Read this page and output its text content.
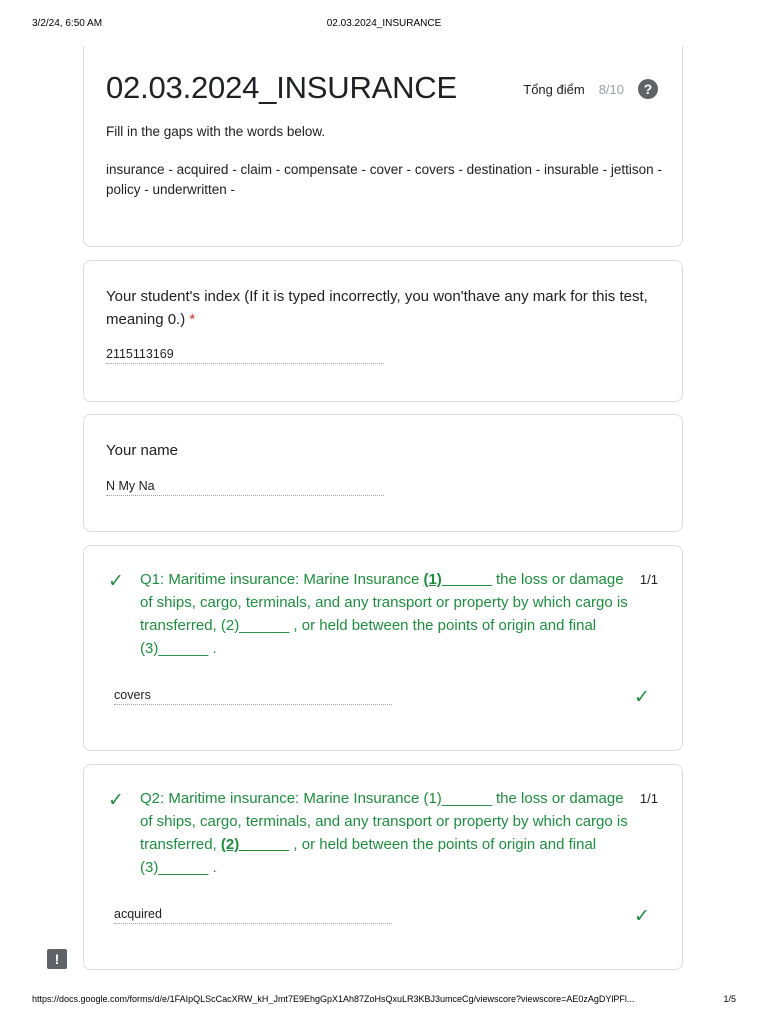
3/2/24, 6:50 AM	02.03.2024_INSURANCE
02.03.2024_INSURANCE	Tổng điểm 8/10	?
Fill in the gaps with the words below.
insurance - acquired - claim - compensate - cover - covers - destination - insurable - jettison - policy - underwritten -
Your student's index (If it is typed incorrectly, you won'thave any mark for this test, meaning 0.) *
2115113169
Your name
N My Na
✓ Q1: Maritime insurance: Marine Insurance (1)______ the loss or damage of ships, cargo, terminals, and any transport or property by which cargo is transferred, (2)______ , or held between the points of origin and final (3)______ .
1/1
covers	✓
✓ Q2: Maritime insurance: Marine Insurance (1)______ the loss or damage of ships, cargo, terminals, and any transport or property by which cargo is transferred, (2)______ , or held between the points of origin and final (3)______ .
1/1
acquired	✓
!
https://docs.google.com/forms/d/e/1FAIpQLScCacXRW_kH_Jmt7E9EhgGpX1Ah87ZoHsQxuLR3KBJ3umceCg/viewscore?viewscore=AE0zAgDYlPFl...	1/5
